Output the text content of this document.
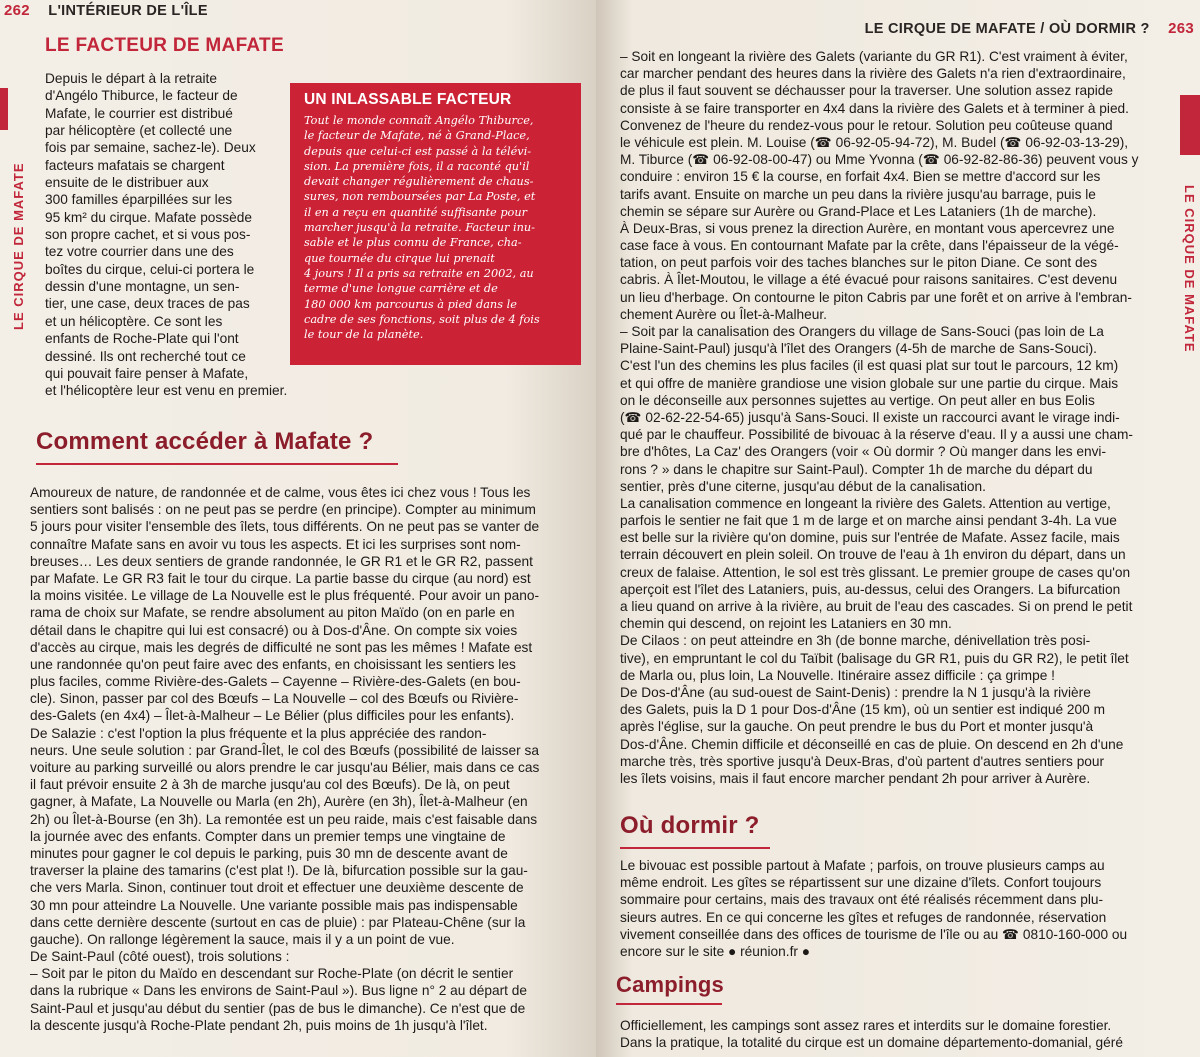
262 L'INTÉRIEUR DE L'ÎLE
LE CIRQUE DE MAFATE
LE FACTEUR DE MAFATE
Depuis le départ à la retraite
d'Angélo Thiburce, le facteur de
Mafate, le courrier est distribué
par hélicoptère (et collecté une
fois par semaine, sachez-le). Deux
facteurs mafatais se chargent
ensuite de le distribuer aux
300 familles éparpillées sur les
95 km² du cirque. Mafate possède
son propre cachet, et si vous pos-
tez votre courrier dans une des
boîtes du cirque, celui-ci portera le
dessin d'une montagne, un sen-
tier, une case, deux traces de pas
et un hélicoptère. Ce sont les
enfants de Roche-Plate qui l'ont
dessiné. Ils ont recherché tout ce
qui pouvait faire penser à Mafate,
et l'hélicoptère leur est venu en premier.
UN INLASSABLE FACTEUR
Tout le monde connaît Angélo Thiburce,
le facteur de Mafate, né à Grand-Place,
depuis que celui-ci est passé à la télévi-
sion. La première fois, il a raconté qu'il
devait changer régulièrement de chaus-
sures, non remboursées par La Poste, et
il en a reçu en quantité suffisante pour
marcher jusqu'à la retraite. Facteur inu-
sable et le plus connu de France, cha-
que tournée du cirque lui prenait
4 jours ! Il a pris sa retraite en 2002, au
terme d'une longue carrière et de
180 000 km parcourus à pied dans le
cadre de ses fonctions, soit plus de 4 fois
le tour de la planète.
Comment accéder à Mafate ?
Amoureux de nature, de randonnée et de calme, vous êtes ici chez vous ! Tous les
sentiers sont balisés : on ne peut pas se perdre (en principe). Compter au minimum
5 jours pour visiter l'ensemble des îlets, tous différents. On ne peut pas se vanter de
connaître Mafate sans en avoir vu tous les aspects. Et ici les surprises sont nom-
breuses… Les deux sentiers de grande randonnée, le GR R1 et le GR R2, passent
par Mafate. Le GR R3 fait le tour du cirque. La partie basse du cirque (au nord) est
la moins visitée. Le village de La Nouvelle est le plus fréquenté. Pour avoir un pano-
rama de choix sur Mafate, se rendre absolument au piton Maïdo (on en parle en
détail dans le chapitre qui lui est consacré) ou à Dos-d'Âne. On compte six voies
d'accès au cirque, mais les degrés de difficulté ne sont pas les mêmes ! Mafate est
une randonnée qu'on peut faire avec des enfants, en choisissant les sentiers les
plus faciles, comme Rivière-des-Galets – Cayenne – Rivière-des-Galets (en bou-
cle). Sinon, passer par col des Bœufs – La Nouvelle – col des Bœufs ou Rivière-
des-Galets (en 4x4) – Îlet-à-Malheur – Le Bélier (plus difficiles pour les enfants).
De Salazie : c'est l'option la plus fréquente et la plus appréciée des randon-
neurs. Une seule solution : par Grand-Îlet, le col des Bœufs (possibilité de laisser sa
voiture au parking surveillé ou alors prendre le car jusqu'au Bélier, mais dans ce cas
il faut prévoir ensuite 2 à 3h de marche jusqu'au col des Bœufs). De là, on peut
gagner, à Mafate, La Nouvelle ou Marla (en 2h), Aurère (en 3h), Îlet-à-Malheur (en
2h) ou Îlet-à-Bourse (en 3h). La remontée est un peu raide, mais c'est faisable dans
la journée avec des enfants. Compter dans un premier temps une vingtaine de
minutes pour gagner le col depuis le parking, puis 30 mn de descente avant de
traverser la plaine des tamarins (c'est plat !). De là, bifurcation possible sur la gau-
che vers Marla. Sinon, continuer tout droit et effectuer une deuxième descente de
30 mn pour atteindre La Nouvelle. Une variante possible mais pas indispensable
dans cette dernière descente (surtout en cas de pluie) : par Plateau-Chêne (sur la
gauche). On rallonge légèrement la sauce, mais il y a un point de vue.
De Saint-Paul (côté ouest), trois solutions :
– Soit par le piton du Maïdo en descendant sur Roche-Plate (on décrit le sentier
dans la rubrique « Dans les environs de Saint-Paul »). Bus ligne n° 2 au départ de
Saint-Paul et jusqu'au début du sentier (pas de bus le dimanche). Ce n'est que de
la descente jusqu'à Roche-Plate pendant 2h, puis moins de 1h jusqu'à l'îlet.
LE CIRQUE DE MAFATE / OÙ DORMIR ? 263
LE CIRQUE DE MAFATE
– Soit en longeant la rivière des Galets (variante du GR R1). C'est vraiment à éviter,
car marcher pendant des heures dans la rivière des Galets n'a rien d'extraordinaire,
de plus il faut souvent se déchausser pour la traverser. Une solution assez rapide
consiste à se faire transporter en 4x4 dans la rivière des Galets et à terminer à pied.
Convenez de l'heure du rendez-vous pour le retour. Solution peu coûteuse quand
le véhicule est plein. M. Louise (☎ 06-92-05-94-72), M. Budel (☎ 06-92-03-13-29),
M. Tiburce (☎ 06-92-08-00-47) ou Mme Yvonna (☎ 06-92-82-86-36) peuvent vous y
conduire : environ 15 € la course, en forfait 4x4. Bien se mettre d'accord sur les
tarifs avant. Ensuite on marche un peu dans la rivière jusqu'au barrage, puis le
chemin se sépare sur Aurère ou Grand-Place et Les Lataniers (1h de marche).
À Deux-Bras, si vous prenez la direction Aurère, en montant vous apercevrez une
case face à vous. En contournant Mafate par la crête, dans l'épaisseur de la végé-
tation, on peut parfois voir des taches blanches sur le piton Diane. Ce sont des
cabris. À Îlet-Moutou, le village a été évacué pour raisons sanitaires. C'est devenu
un lieu d'herbage. On contourne le piton Cabris par une forêt et on arrive à l'embran-
chement Aurère ou Îlet-à-Malheur.
– Soit par la canalisation des Orangers du village de Sans-Souci (pas loin de La
Plaine-Saint-Paul) jusqu'à l'îlet des Orangers (4-5h de marche de Sans-Souci).
C'est l'un des chemins les plus faciles (il est quasi plat sur tout le parcours, 12 km)
et qui offre de manière grandiose une vision globale sur une partie du cirque. Mais
on le déconseille aux personnes sujettes au vertige. On peut aller en bus Eolis
(☎ 02-62-22-54-65) jusqu'à Sans-Souci. Il existe un raccourci avant le virage indi-
qué par le chauffeur. Possibilité de bivouac à la réserve d'eau. Il y a aussi une cham-
bre d'hôtes, La Caz' des Orangers (voir « Où dormir ? Où manger dans les envi-
rons ? » dans le chapitre sur Saint-Paul). Compter 1h de marche du départ du
sentier, près d'une citerne, jusqu'au début de la canalisation.
La canalisation commence en longeant la rivière des Galets. Attention au vertige,
parfois le sentier ne fait que 1 m de large et on marche ainsi pendant 3-4h. La vue
est belle sur la rivière qu'on domine, puis sur l'entrée de Mafate. Assez facile, mais
terrain découvert en plein soleil. On trouve de l'eau à 1h environ du départ, dans un
creux de falaise. Attention, le sol est très glissant. Le premier groupe de cases qu'on
aperçoit est l'îlet des Lataniers, puis, au-dessus, celui des Orangers. La bifurcation
a lieu quand on arrive à la rivière, au bruit de l'eau des cascades. Si on prend le petit
chemin qui descend, on rejoint les Lataniers en 30 mn.
De Cilaos : on peut atteindre en 3h (de bonne marche, dénivellation très posi-
tive), en empruntant le col du Taïbit (balisage du GR R1, puis du GR R2), le petit îlet
de Marla ou, plus loin, La Nouvelle. Itinéraire assez difficile : ça grimpe !
De Dos-d'Âne (au sud-ouest de Saint-Denis) : prendre la N 1 jusqu'à la rivière
des Galets, puis la D 1 pour Dos-d'Âne (15 km), où un sentier est indiqué 200 m
après l'église, sur la gauche. On peut prendre le bus du Port et monter jusqu'à
Dos-d'Âne. Chemin difficile et déconseillé en cas de pluie. On descend en 2h d'une
marche très, très sportive jusqu'à Deux-Bras, d'où partent d'autres sentiers pour
les îlets voisins, mais il faut encore marcher pendant 2h pour arriver à Aurère.
Où dormir ?
Le bivouac est possible partout à Mafate ; parfois, on trouve plusieurs camps au
même endroit. Les gîtes se répartissent sur une dizaine d'îlets. Confort toujours
sommaire pour certains, mais des travaux ont été réalisés récemment dans plu-
sieurs autres. En ce qui concerne les gîtes et refuges de randonnée, réservation
vivement conseillée dans des offices de tourisme de l'île ou au ☎ 0810-160-000 ou
encore sur le site ● réunion.fr ●
Campings
Officiellement, les campings sont assez rares et interdits sur le domaine forestier.
Dans la pratique, la totalité du cirque est un domaine départemento-domanial, géré
